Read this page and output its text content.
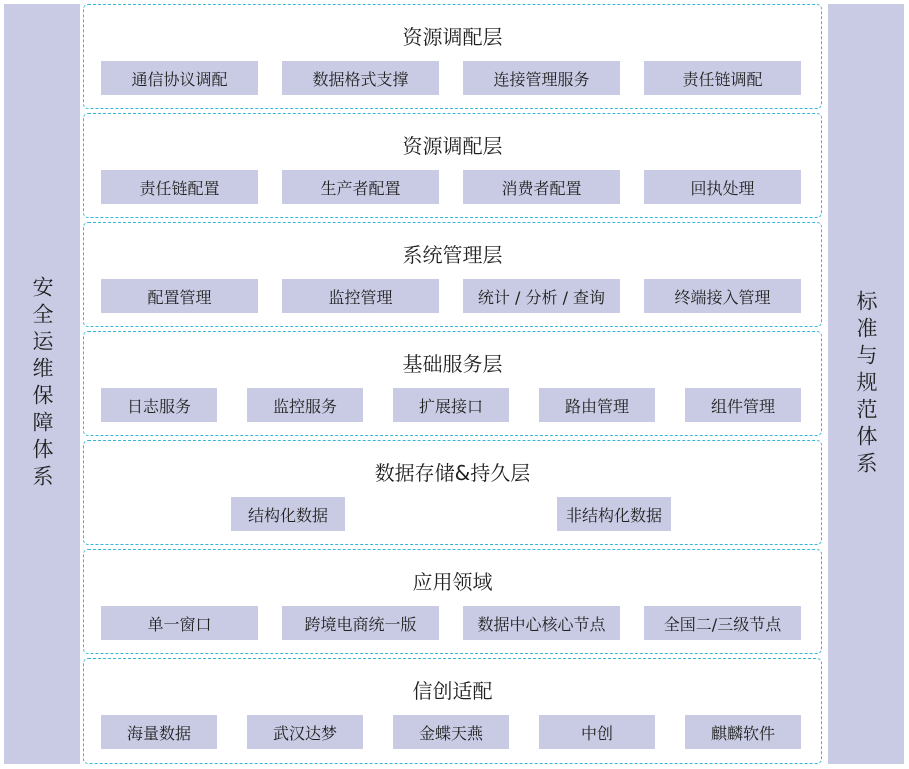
安全运维保障体系	标准与规范体系
资源调配层
通信协议调配	数据格式支撑	连接管理服务	责任链调配
资源调配层
责任链配置	生产者配置	消费者配置	回执处理
系统管理层
配置管理	监控管理	统计 / 分析 / 查询	终端接入管理
基础服务层
日志服务	监控服务	扩展接口	路由管理	组件管理
数据存储&持久层
结构化数据	非结构化数据
应用领域
单一窗口	跨境电商统一版	数据中心核心节点	全国二/三级节点
信创适配
海量数据	武汉达梦	金蝶天燕	中创	麒麟软件
